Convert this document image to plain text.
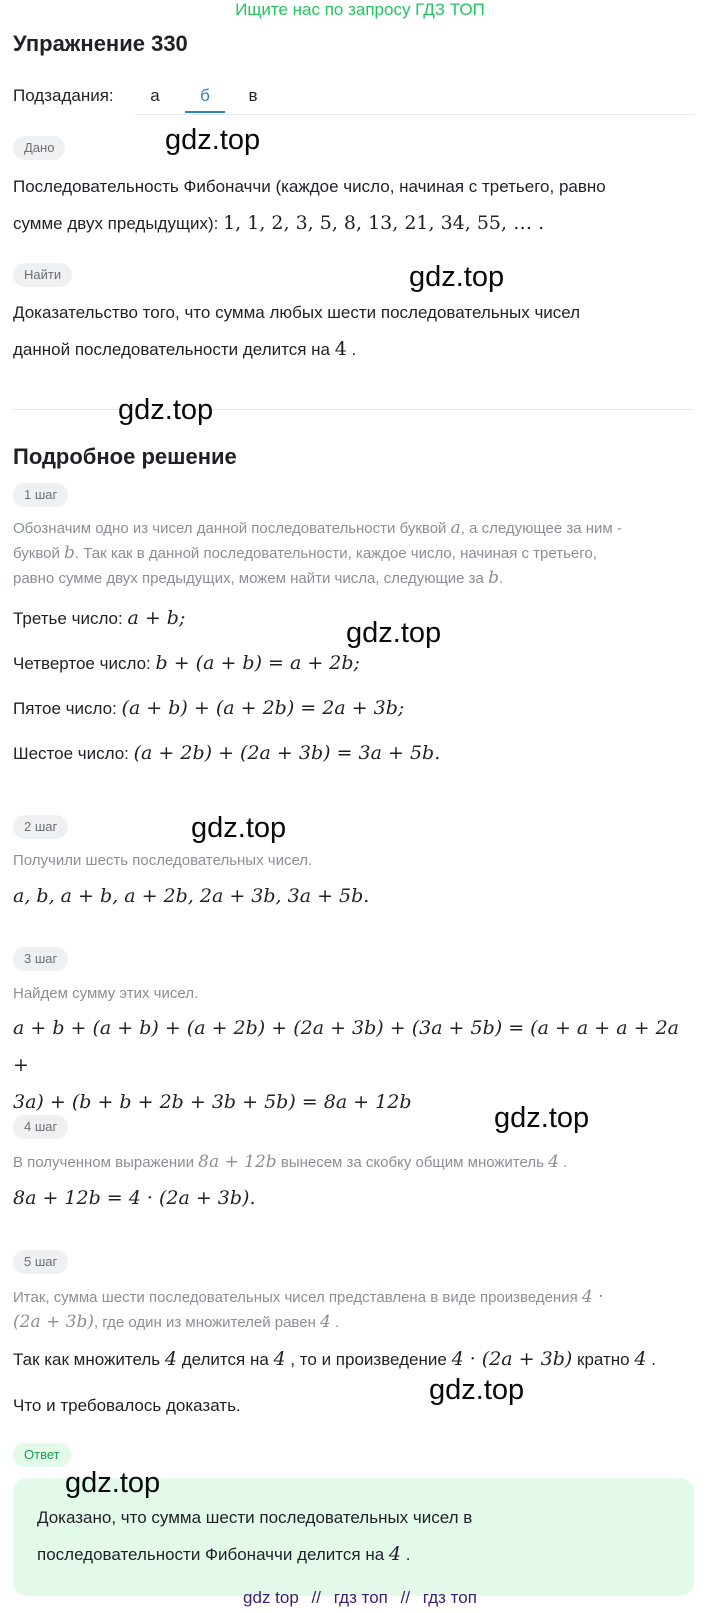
Ищите нас по запросу ГДЗ ТОП
Упражнение 330
Подзадания:	а	б	в
Дано
Последовательность Фибоначчи (каждое число, начиная с третьего, равно
сумме двух предыдущих): 1, 1, 2, 3, 5, 8, 13, 21, 34, 55, … .
Найти
Доказательство того, что сумма любых шести последовательных чисел
данной последовательности делится на 4 .
Подробное решение
1 шаг
Обозначим одно из чисел данной последовательности буквой a, а следующее за ним -
буквой b. Так как в данной последовательности, каждое число, начиная с третьего,
равно сумме двух предыдущих, можем найти числа, следующие за b.
Третье число: a + b;
Четвертое число: b + (a + b) = a + 2b;
Пятое число: (a + b) + (a + 2b) = 2a + 3b;
Шестое число: (a + 2b) + (2a + 3b) = 3a + 5b.
2 шаг
Получили шесть последовательных чисел.
a, b, a + b, a + 2b, 2a + 3b, 3a + 5b.
3 шаг
Найдем сумму этих чисел.
a + b + (a + b) + (a + 2b) + (2a + 3b) + (3a + 5b) = (a + a + a + 2a +
3a) + (b + b + 2b + 3b + 5b) = 8a + 12b
4 шаг
В полученном выражении 8a + 12b вынесем за скобку общим множитель 4 .
8a + 12b = 4 · (2a + 3b).
5 шаг
Итак, сумма шести последовательных чисел представлена в виде произведения 4 ·
(2a + 3b), где один из множителей равен 4 .
Так как множитель 4 делится на 4 , то и произведение 4 · (2a + 3b) кратно 4 .
Что и требовалось доказать.
Ответ
Доказано, что сумма шести последовательных чисел в
последовательности Фибоначчи делится на 4 .
gdz.top
gdz.top
gdz.top
gdz.top
gdz.top
gdz.top
gdz.top
gdz.top
gdz top // гдз топ // гдз топ
